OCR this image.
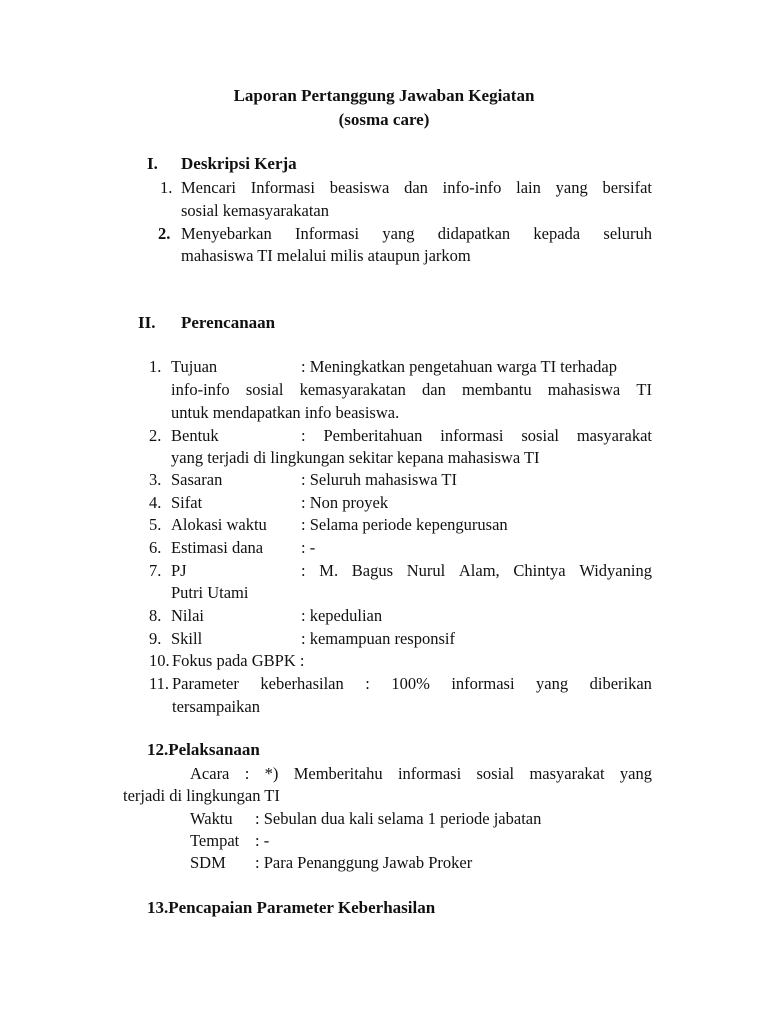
Laporan Pertanggung Jawaban Kegiatan
(sosma care)
I. Deskripsi Kerja
1. Mencari Informasi beasiswa dan info-info lain yang bersifat
sosial kemasyarakatan
2. Menyebarkan Informasi yang didapatkan kepada seluruh
mahasiswa TI melalui milis ataupun jarkom
II. Perencanaan
1. Tujuan	: Meningkatkan pengetahuan warga TI terhadap
info-info sosial kemasyarakatan dan membantu mahasiswa TI
untuk mendapatkan info beasiswa.
2. Bentuk	: Pemberitahuan informasi sosial masyarakat
yang terjadi di lingkungan sekitar kepana mahasiswa TI
3. Sasaran	: Seluruh mahasiswa TI
4. Sifat	: Non proyek
5. Alokasi waktu : Selama periode kepengurusan
6. Estimasi dana : -
7. PJ	: M. Bagus Nurul Alam, Chintya Widyaning
Putri Utami
8. Nilai	: kepedulian
9. Skill	: kemampuan responsif
10. Fokus pada GBPK :
11. Parameter keberhasilan : 100% informasi yang diberikan
tersampaikan
12.Pelaksanaan
Acara : *) Memberitahu informasi sosial masyarakat yang
terjadi di lingkungan TI
Waktu : Sebulan dua kali selama 1 periode jabatan
Tempat : -
SDM : Para Penanggung Jawab Proker
13.Pencapaian Parameter Keberhasilan
